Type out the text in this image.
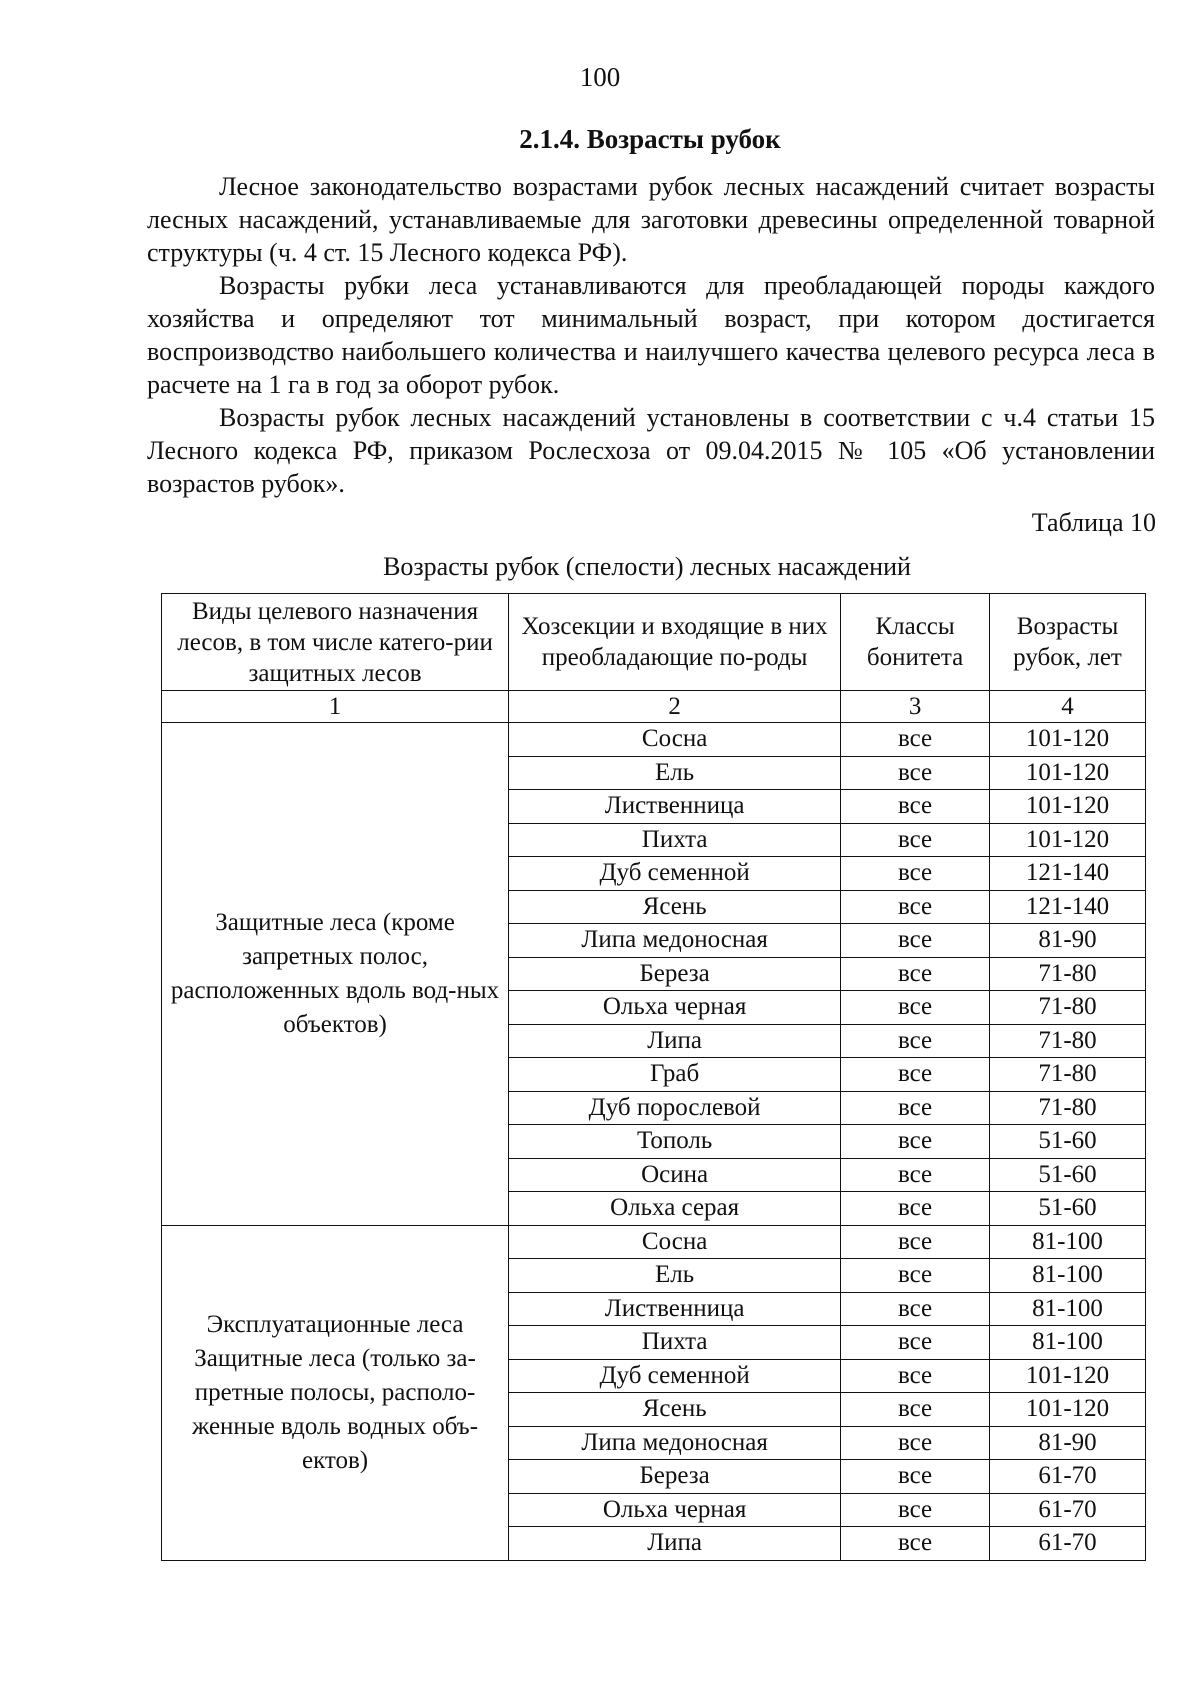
100
2.1.4. Возрасты рубок

Лесное законодательство возрастами рубок лесных насаждений считает возрасты лесных насаждений, устанавливаемые для заготовки древесины определенной товарной структуры (ч. 4 ст. 15 Лесного кодекса РФ).

Возрасты рубки леса устанавливаются для преобладающей породы каждого хозяйства и определяют тот минимальный возраст, при котором достигается воспроизводство наибольшего количества и наилучшего качества целевого ресурса леса в расчете на 1 га в год за оборот рубок.

Возрасты рубок лесных насаждений установлены в соответствии с ч.4 статьи 15 Лесного кодекса РФ, приказом Рослесхоза от 09.04.2015 № 105 «Об установлении возрастов рубок».

Таблица 10
Возрасты рубок (спелости) лесных насаждений
Виды целевого назначения лесов, в том числе катего-рии защитных лесов	Хозсекции и входящие в них преобладающие по-роды	Классы бонитета	Возрасты рубок, лет
1	2	3	4
Защитные леса (кроме запретных полос, расположенных вдоль вод-ных объектов)	Сосна	все	101-120
	Ель	все	101-120
	Лиственница	все	101-120
	Пихта	все	101-120
	Дуб семенной	все	121-140
	Ясень	все	121-140
	Липа медоносная	все	81-90
	Береза	все	71-80
	Ольха черная	все	71-80
	Липа	все	71-80
	Граб	все	71-80
	Дуб порослевой	все	71-80
	Тополь	все	51-60
	Осина	все	51-60
	Ольха серая	все	51-60
Эксплуатационные леса Защитные леса (только за-претные полосы, располо-женные вдоль водных объ-ектов)	Сосна	все	81-100
	Ель	все	81-100
	Лиственница	все	81-100
	Пихта	все	81-100
	Дуб семенной	все	101-120
	Ясень	все	101-120
	Липа медоносная	все	81-90
	Береза	все	61-70
	Ольха черная	все	61-70
	Липа	все	61-70
